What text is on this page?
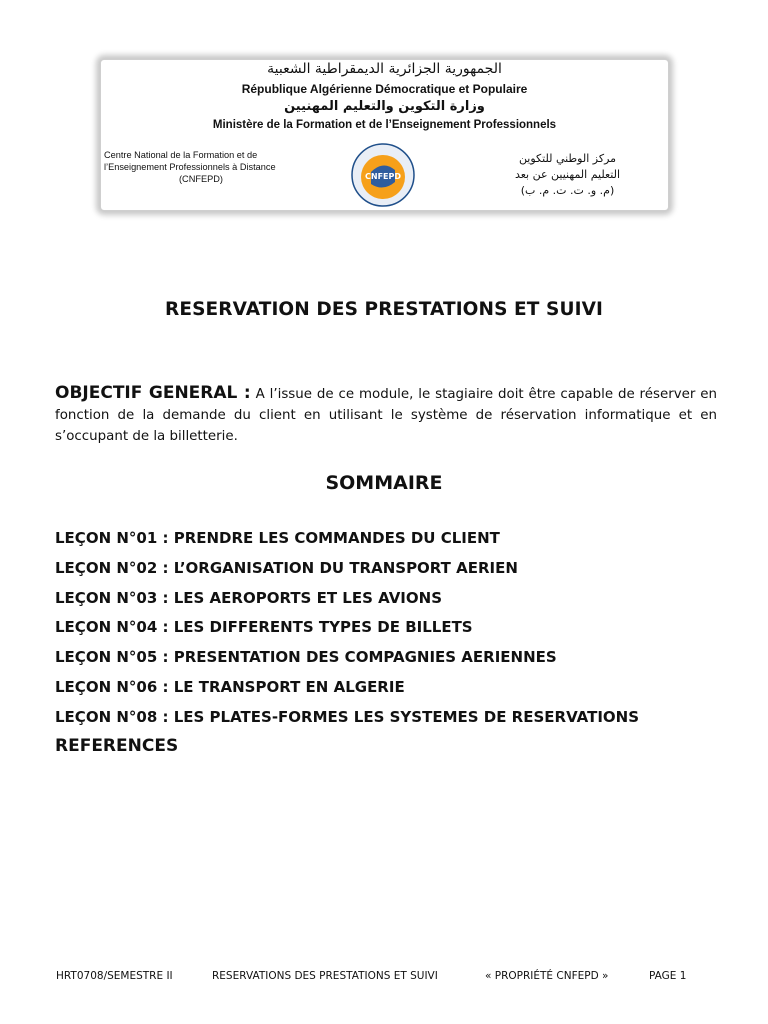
الجمهورية الجزائرية الديمقراطية الشعبية
République Algérienne Démocratique et Populaire
وزارة التكوين والتعليم المهنيين
Ministère de la Formation et de l’Enseignement Professionnels
Centre National de la Formation et de
l’Enseignement Professionnels à Distance
(CNFEPD)	CNFEPD
مركز الوطني للتكوين
التعليم المهنيين عن بعد
(م. و. ت. ت. م. ب)
RESERVATION DES PRESTATIONS ET SUIVI
OBJECTIF GENERAL : A l’issue de ce module, le stagiaire doit être capable de réserver en fonction de la demande du client en utilisant le système de réservation informatique et en s’occupant de la billetterie.
SOMMAIRE
LEÇON N°01 : PRENDRE LES COMMANDES DU CLIENT
LEÇON N°02 : L’ORGANISATION DU TRANSPORT AERIEN
LEÇON N°03 : LES AEROPORTS ET LES AVIONS
LEÇON N°04 : LES DIFFERENTS TYPES DE BILLETS
LEÇON N°05 : PRESENTATION DES COMPAGNIES AERIENNES
LEÇON N°06 : LE TRANSPORT EN ALGERIE
LEÇON N°08 : LES PLATES-FORMES LES SYSTEMES DE RESERVATIONS
REFERENCES
HRT0708/SEMESTRE II	RESERVATIONS DES PRESTATIONS ET SUIVI	« PROPRIÉTÉ CNFEPD »	PAGE 1
